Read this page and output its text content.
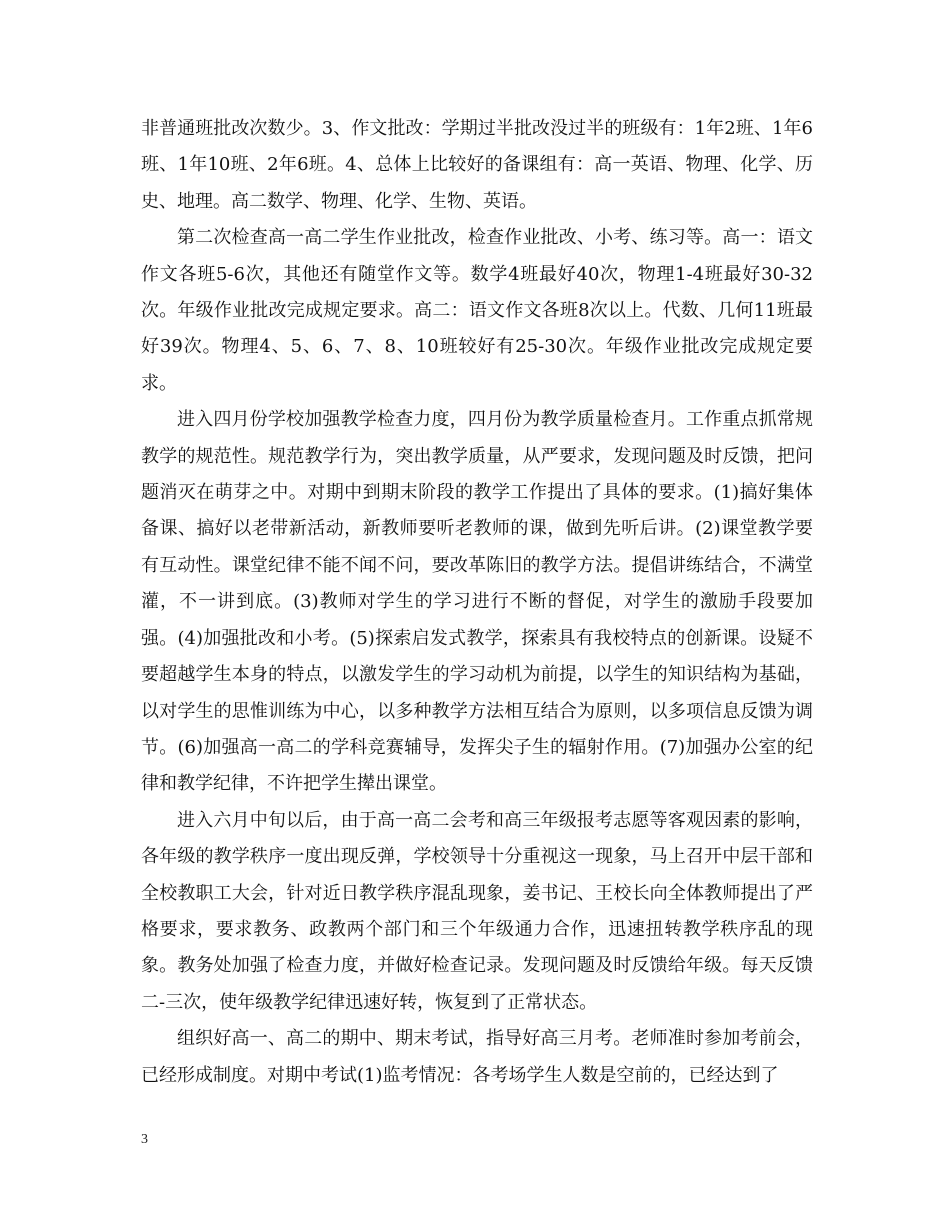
非普通班批改次数少。3、作文批改：学期过半批改没过半的班级有：1年2班、1年6班、1年10班、2年6班。4、总体上比较好的备课组有：高一英语、物理、化学、历史、地理。高二数学、物理、化学、生物、英语。

第二次检查高一高二学生作业批改，检查作业批改、小考、练习等。高一：语文作文各班5-6次，其他还有随堂作文等。数学4班最好40次，物理1-4班最好30-32次。年级作业批改完成规定要求。高二：语文作文各班8次以上。代数、几何11班最好39次。物理4、5、6、7、8、10班较好有25-30次。年级作业批改完成规定要求。

进入四月份学校加强教学检查力度，四月份为教学质量检查月。工作重点抓常规教学的规范性。规范教学行为，突出教学质量，从严要求，发现问题及时反馈，把问题消灭在萌芽之中。对期中到期末阶段的教学工作提出了具体的要求。(1)搞好集体备课、搞好以老带新活动，新教师要听老教师的课，做到先听后讲。(2)课堂教学要有互动性。课堂纪律不能不闻不问，要改革陈旧的教学方法。提倡讲练结合，不满堂灌，不一讲到底。(3)教师对学生的学习进行不断的督促，对学生的激励手段要加强。(4)加强批改和小考。(5)探索启发式教学，探索具有我校特点的创新课。设疑不要超越学生本身的特点，以激发学生的学习动机为前提，以学生的知识结构为基础，以对学生的思惟训练为中心，以多种教学方法相互结合为原则，以多项信息反馈为调节。(6)加强高一高二的学科竞赛辅导，发挥尖子生的辐射作用。(7)加强办公室的纪律和教学纪律，不许把学生撵出课堂。

进入六月中旬以后，由于高一高二会考和高三年级报考志愿等客观因素的影响，各年级的教学秩序一度出现反弹，学校领导十分重视这一现象，马上召开中层干部和全校教职工大会，针对近日教学秩序混乱现象，姜书记、王校长向全体教师提出了严格要求，要求教务、政教两个部门和三个年级通力合作，迅速扭转教学秩序乱的现象。教务处加强了检查力度，并做好检查记录。发现问题及时反馈给年级。每天反馈二-三次，使年级教学纪律迅速好转，恢复到了正常状态。

组织好高一、高二的期中、期末考试，指导好高三月考。老师准时参加考前会，已经形成制度。对期中考试(1)监考情况：各考场学生人数是空前的，已经达到了

3
